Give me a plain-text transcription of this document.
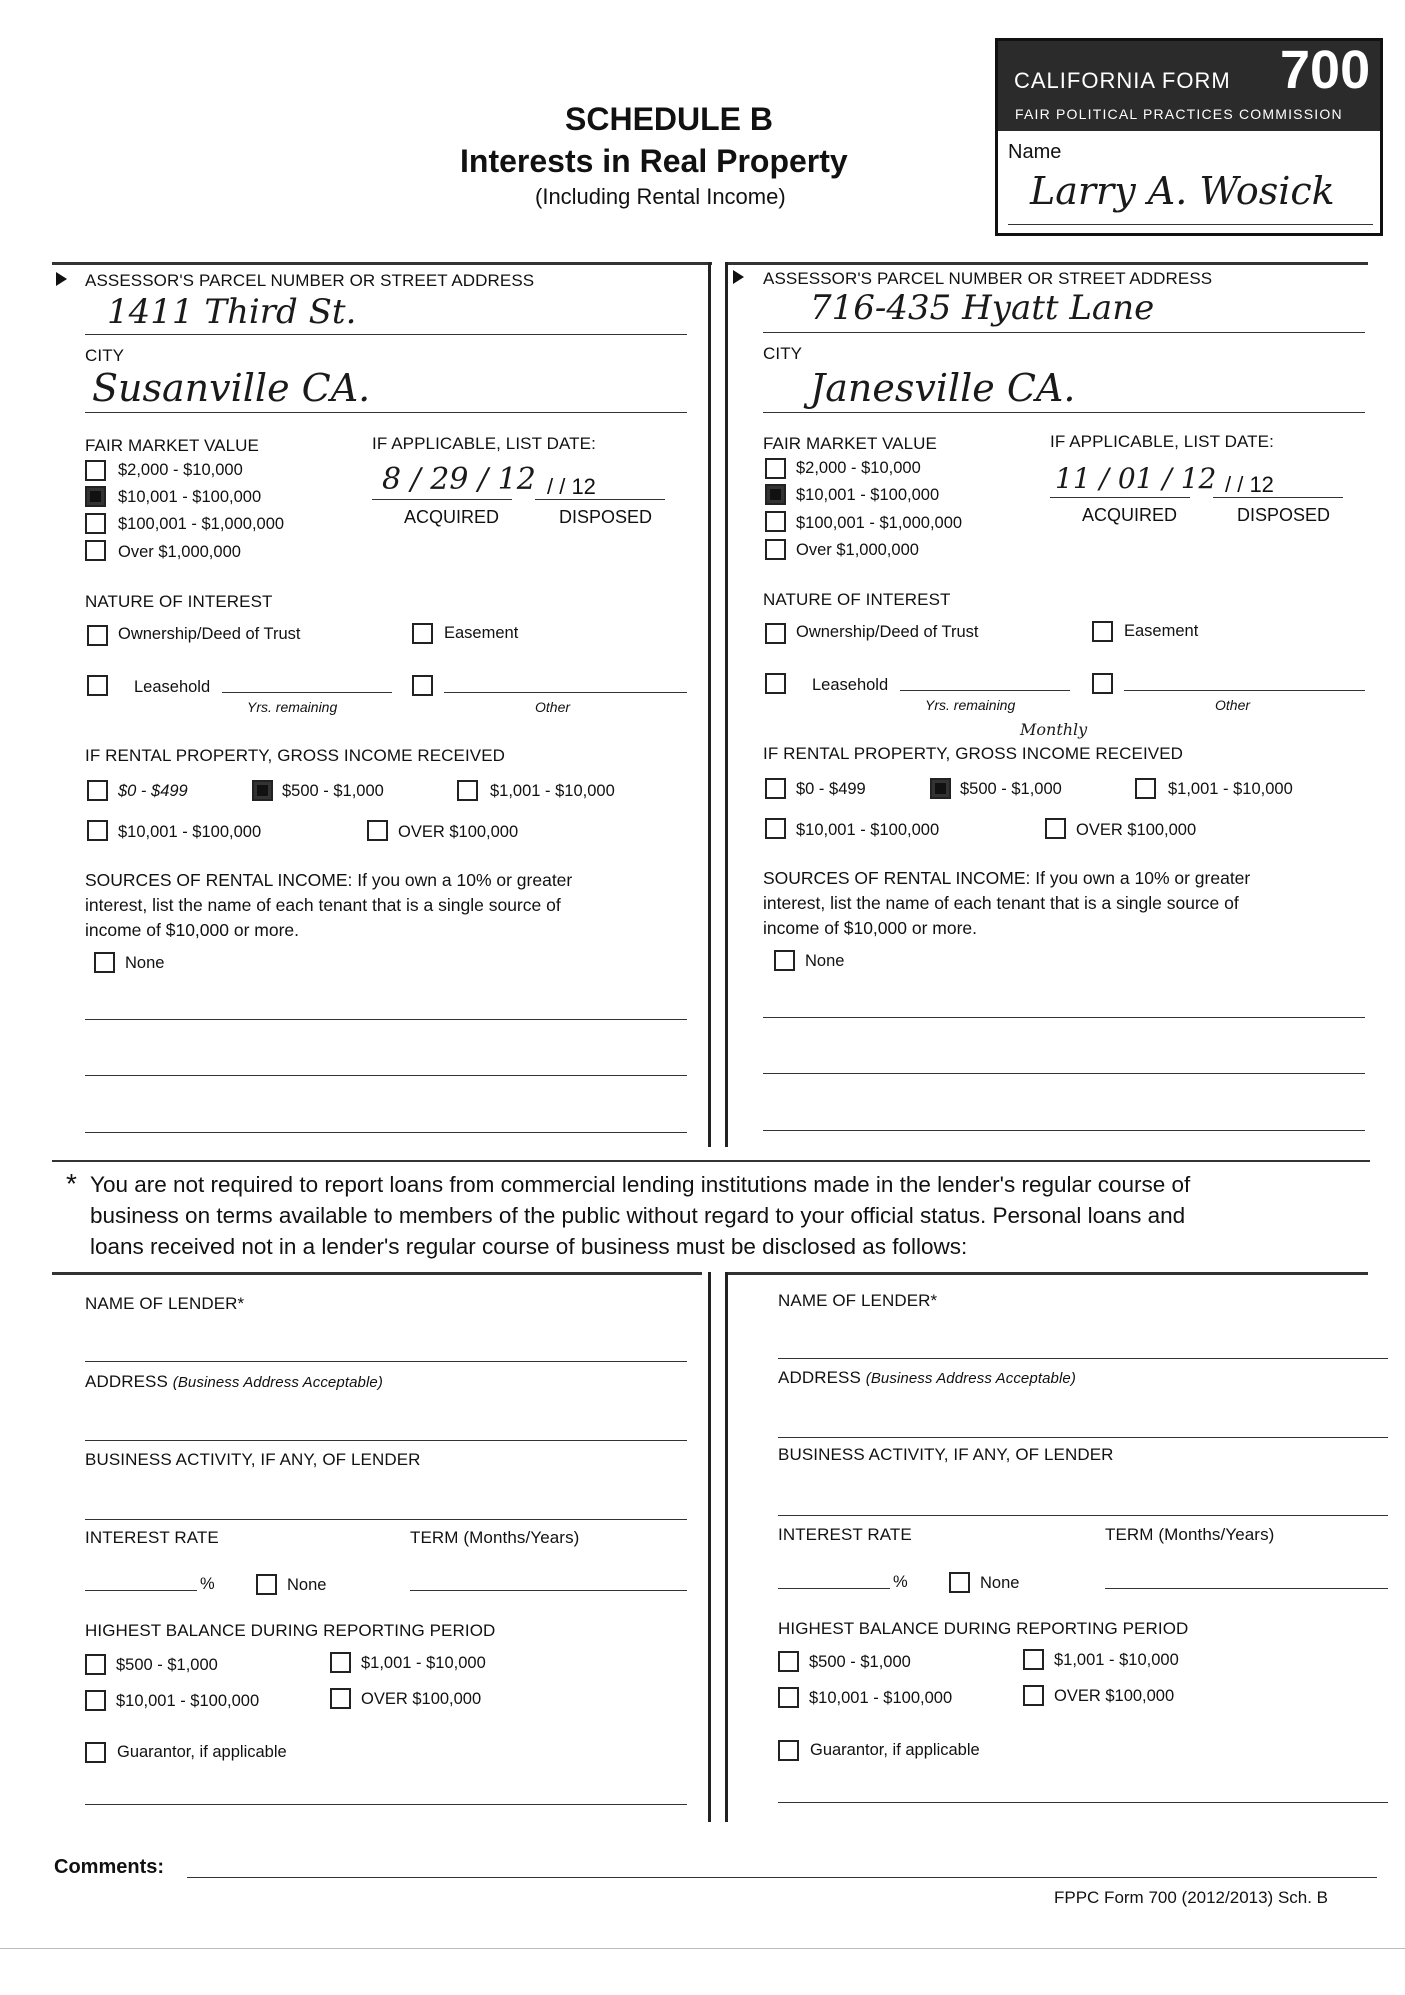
SCHEDULE B
Interests in Real Property
(Including Rental Income)
CALIFORNIA FORM 700
FAIR POLITICAL PRACTICES COMMISSION
Name
Larry A. Wosick
ASSESSOR'S PARCEL NUMBER OR STREET ADDRESS
1411 Third St.
CITY
Susanville CA.
FAIR MARKET VALUE
$2,000 - $10,000
$10,001 - $100,000
$100,001 - $1,000,000
Over $1,000,000
IF APPLICABLE, LIST DATE:
8 / 29 / 12
ACQUIRED
/ / 12
DISPOSED
NATURE OF INTEREST
Ownership/Deed of Trust	Easement
Leasehold
Yrs. remaining	Other
IF RENTAL PROPERTY, GROSS INCOME RECEIVED
$0 - $499	$500 - $1,000	$1,001 - $10,000
$10,001 - $100,000	OVER $100,000
SOURCES OF RENTAL INCOME: If you own a 10% or greater
interest, list the name of each tenant that is a single source of
income of $10,000 or more.
None
ASSESSOR'S PARCEL NUMBER OR STREET ADDRESS
716-435 Hyatt Lane
CITY
Janesville CA.
FAIR MARKET VALUE
$2,000 - $10,000
$10,001 - $100,000
$100,001 - $1,000,000
Over $1,000,000
IF APPLICABLE, LIST DATE:
11 / 01 / 12
ACQUIRED
/ / 12
DISPOSED
NATURE OF INTEREST
Ownership/Deed of Trust	Easement
Leasehold
Yrs. remaining	Other
Monthly
IF RENTAL PROPERTY, GROSS INCOME RECEIVED
$0 - $499	$500 - $1,000	$1,001 - $10,000
$10,001 - $100,000	OVER $100,000
SOURCES OF RENTAL INCOME: If you own a 10% or greater
interest, list the name of each tenant that is a single source of
income of $10,000 or more.
None
* You are not required to report loans from commercial lending institutions made in the lender's regular course of
business on terms available to members of the public without regard to your official status. Personal loans and
loans received not in a lender's regular course of business must be disclosed as follows:
NAME OF LENDER*
ADDRESS (Business Address Acceptable)
BUSINESS ACTIVITY, IF ANY, OF LENDER
INTEREST RATE	TERM (Months/Years)
%	None
HIGHEST BALANCE DURING REPORTING PERIOD
$500 - $1,000	$1,001 - $10,000
$10,001 - $100,000	OVER $100,000
Guarantor, if applicable
NAME OF LENDER*
ADDRESS (Business Address Acceptable)
BUSINESS ACTIVITY, IF ANY, OF LENDER
INTEREST RATE	TERM (Months/Years)
%	None
HIGHEST BALANCE DURING REPORTING PERIOD
$500 - $1,000	$1,001 - $10,000
$10,001 - $100,000	OVER $100,000
Guarantor, if applicable
Comments:
FPPC Form 700 (2012/2013) Sch. B
